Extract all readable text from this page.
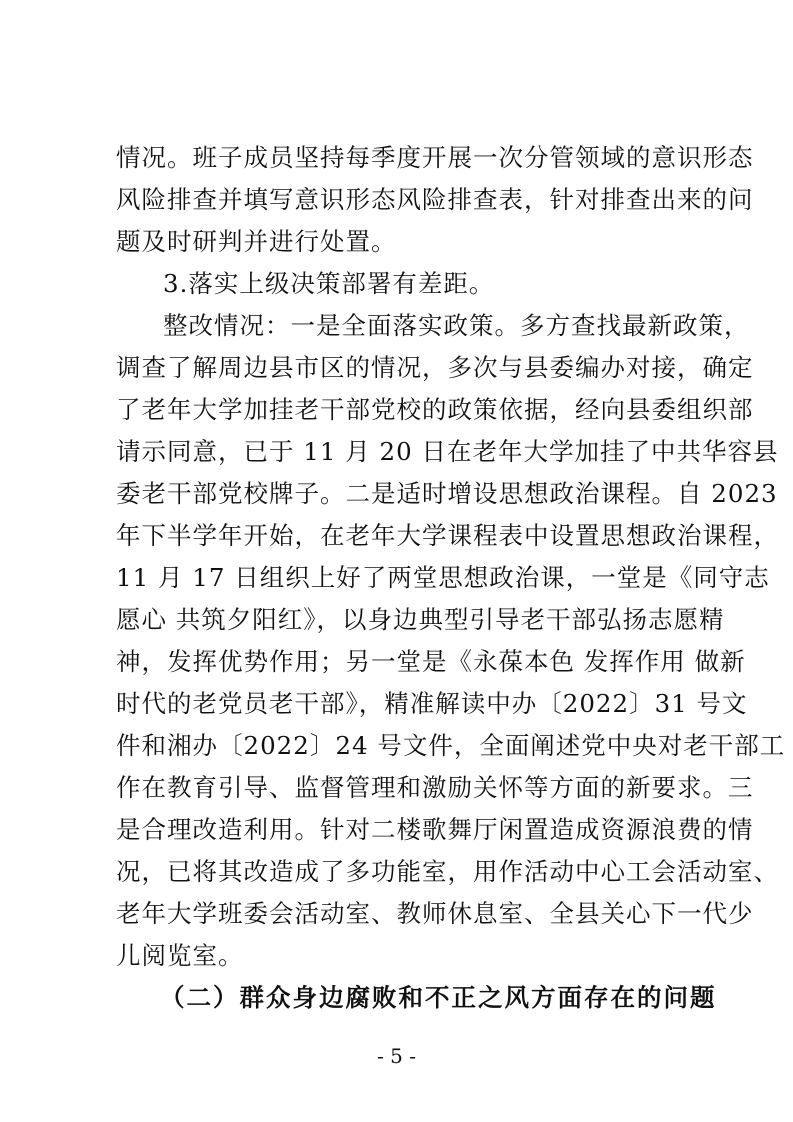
情况。班子成员坚持每季度开展一次分管领域的意识形态
风险排查并填写意识形态风险排查表，针对排查出来的问
题及时研判并进行处置。
3.落实上级决策部署有差距。
整改情况：一是全面落实政策。多方查找最新政策，
调查了解周边县市区的情况，多次与县委编办对接，确定
了老年大学加挂老干部党校的政策依据，经向县委组织部
请示同意，已于 11 月 20 日在老年大学加挂了中共华容县
委老干部党校牌子。二是适时增设思想政治课程。自 2023
年下半学年开始，在老年大学课程表中设置思想政治课程，
11 月 17 日组织上好了两堂思想政治课，一堂是《同守志
愿心 共筑夕阳红》，以身边典型引导老干部弘扬志愿精
神，发挥优势作用；另一堂是《永葆本色 发挥作用 做新
时代的老党员老干部》，精准解读中办〔2022〕31 号文
件和湘办〔2022〕24 号文件，全面阐述党中央对老干部工
作在教育引导、监督管理和激励关怀等方面的新要求。三
是合理改造利用。针对二楼歌舞厅闲置造成资源浪费的情
况，已将其改造成了多功能室，用作活动中心工会活动室、
老年大学班委会活动室、教师休息室、全县关心下一代少
儿阅览室。
（二）群众身边腐败和不正之风方面存在的问题
- 5 -
